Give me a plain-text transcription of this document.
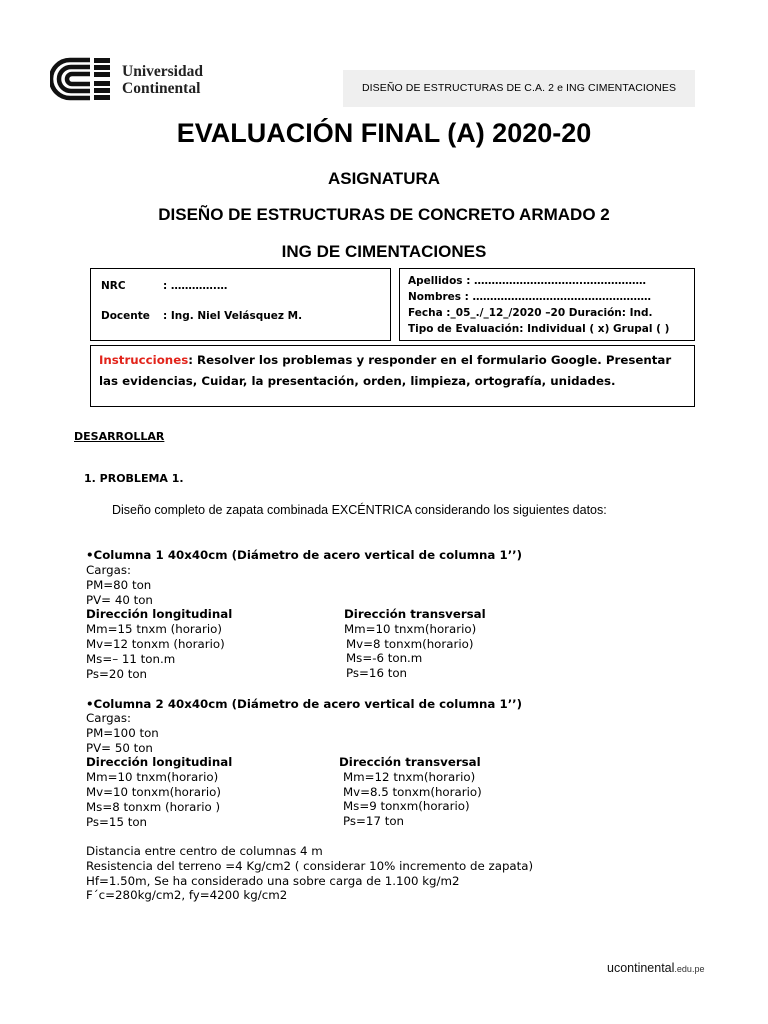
Universidad
Continental	DISEÑO DE ESTRUCTURAS DE C.A. 2 e ING CIMENTACIONES
EVALUACIÓN FINAL (A) 2020-20
ASIGNATURA
DISEÑO DE ESTRUCTURAS DE CONCRETO ARMADO 2
ING DE CIMENTACIONES
NRC	: ………….…
Docente : Ing. Niel Velásquez M.
Apellidos : ………………………….………………
Nombres : ……………………………………………
Fecha :_05_./_12_/2020 –20 Duración: Ind.
Tipo de Evaluación: Individual ( x) Grupal ( )
Instrucciones: Resolver los problemas y responder en el formulario Google. Presentar las evidencias, Cuidar, la presentación, orden, limpieza, ortografía, unidades.
DESARROLLAR
1. PROBLEMA 1.
Diseño completo de zapata combinada EXCÉNTRICA considerando los siguientes datos:
•Columna 1 40x40cm (Diámetro de acero vertical de columna 1’’)
Cargas:
PM=80 ton
PV= 40 ton
Dirección longitudinal
Mm=15 tnxm (horario)
Mv=12 tonxm (horario)
Ms=– 11 ton.m
Ps=20 ton
Dirección transversal
Mm=10 tnxm(horario)
Mv=8 tonxm(horario)
Ms=-6 ton.m
Ps=16 ton
•Columna 2 40x40cm (Diámetro de acero vertical de columna 1’’)
Cargas:
PM=100 ton
PV= 50 ton
Dirección longitudinal
Mm=10 tnxm(horario)
Mv=10 tonxm(horario)
Ms=8 tonxm (horario )
Ps=15 ton
Dirección transversal
Mm=12 tnxm(horario)
Mv=8.5 tonxm(horario)
Ms=9 tonxm(horario)
Ps=17 ton
Distancia entre centro de columnas 4 m
Resistencia del terreno =4 Kg/cm2 ( considerar 10% incremento de zapata)
Hf=1.50m, Se ha considerado una sobre carga de 1.100 kg/m2
F´c=280kg/cm2, fy=4200 kg/cm2
ucontinental.edu.pe
